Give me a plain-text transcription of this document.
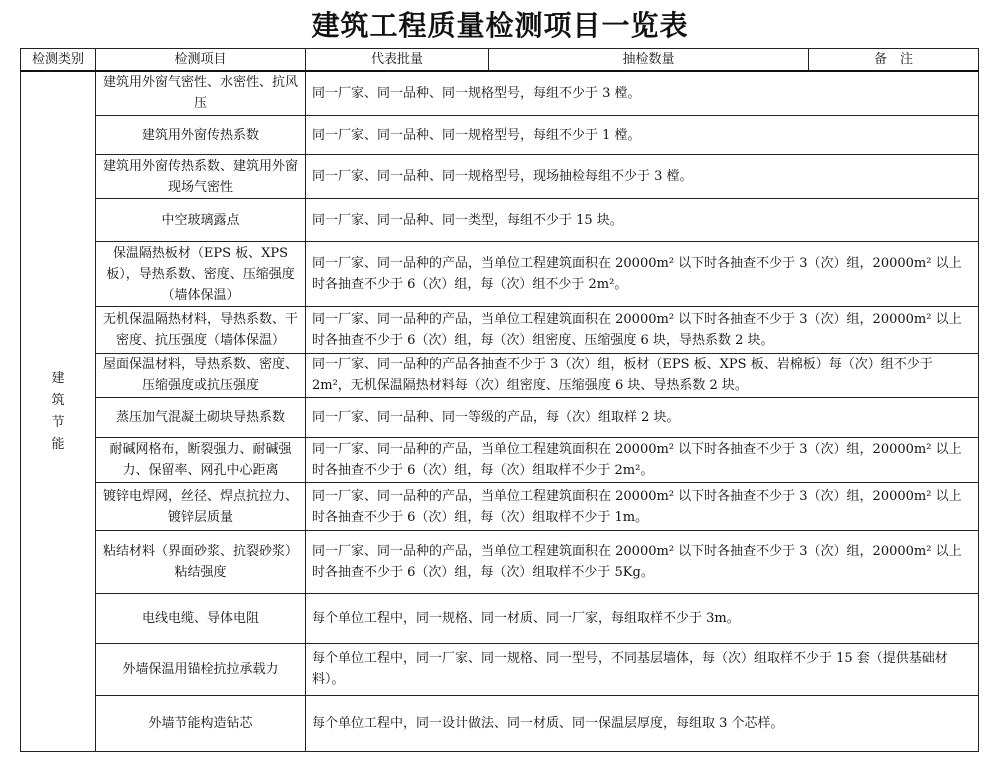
建筑工程质量检测项目一览表
检测类别	检测项目	代表批量	抽检数量	备　注

建
筑
节
能	建筑用外窗气密性、水密性、抗风压	同一厂家、同一品种、同一规格型号，每组不少于 3 樘。		
	建筑用外窗传热系数	同一厂家、同一品种、同一规格型号，每组不少于 1 樘。		
	建筑用外窗传热系数、建筑用外窗现场气密性	同一厂家、同一品种、同一规格型号，现场抽检每组不少于 3 樘。		
	中空玻璃露点	同一厂家、同一品种、同一类型，每组不少于 15 块。		
	保温隔热板材（EPS 板、XPS 板），导热系数、密度、压缩强度（墙体保温）	同一厂家、同一品种的产品，当单位工程建筑面积在 20000m² 以下时各抽查不少于 3（次）组，20000m² 以上时各抽查不少于 6（次）组，每（次）组不少于 2m²。		
	无机保温隔热材料，导热系数、干密度、抗压强度（墙体保温）	同一厂家、同一品种的产品，当单位工程建筑面积在 20000m² 以下时各抽查不少于 3（次）组，20000m² 以上时各抽查不少于 6（次）组，每（次）组密度、压缩强度 6 块，导热系数 2 块。		
	屋面保温材料，导热系数、密度、压缩强度或抗压强度	同一厂家、同一品种的产品各抽查不少于 3（次）组，板材（EPS 板、XPS 板、岩棉板）每（次）组不少于 2m²，无机保温隔热材料每（次）组密度、压缩强度 6 块、导热系数 2 块。		
	蒸压加气混凝土砌块导热系数	同一厂家、同一品种、同一等级的产品，每（次）组取样 2 块。		
	耐碱网格布，断裂强力、耐碱强力、保留率、网孔中心距离	同一厂家、同一品种的产品，当单位工程建筑面积在 20000m² 以下时各抽查不少于 3（次）组，20000m² 以上时各抽查不少于 6（次）组，每（次）组取样不少于 2m²。		
	镀锌电焊网，丝径、焊点抗拉力、镀锌层质量	同一厂家、同一品种的产品，当单位工程建筑面积在 20000m² 以下时各抽查不少于 3（次）组，20000m² 以上时各抽查不少于 6（次）组，每（次）组取样不少于 1m。		
	粘结材料（界面砂浆、抗裂砂浆）粘结强度	同一厂家、同一品种的产品，当单位工程建筑面积在 20000m² 以下时各抽查不少于 3（次）组，20000m² 以上时各抽查不少于 6（次）组，每（次）组取样不少于 5Kg。		
	电线电缆、导体电阻	每个单位工程中，同一规格、同一材质、同一厂家，每组取样不少于 3m。		
	外墙保温用锚栓抗拉承载力	每个单位工程中，同一厂家、同一规格、同一型号，不同基层墙体，每（次）组取样不少于 15 套（提供基础材料）。		
	外墙节能构造钻芯	每个单位工程中，同一设计做法、同一材质、同一保温层厚度，每组取 3 个芯样。		
